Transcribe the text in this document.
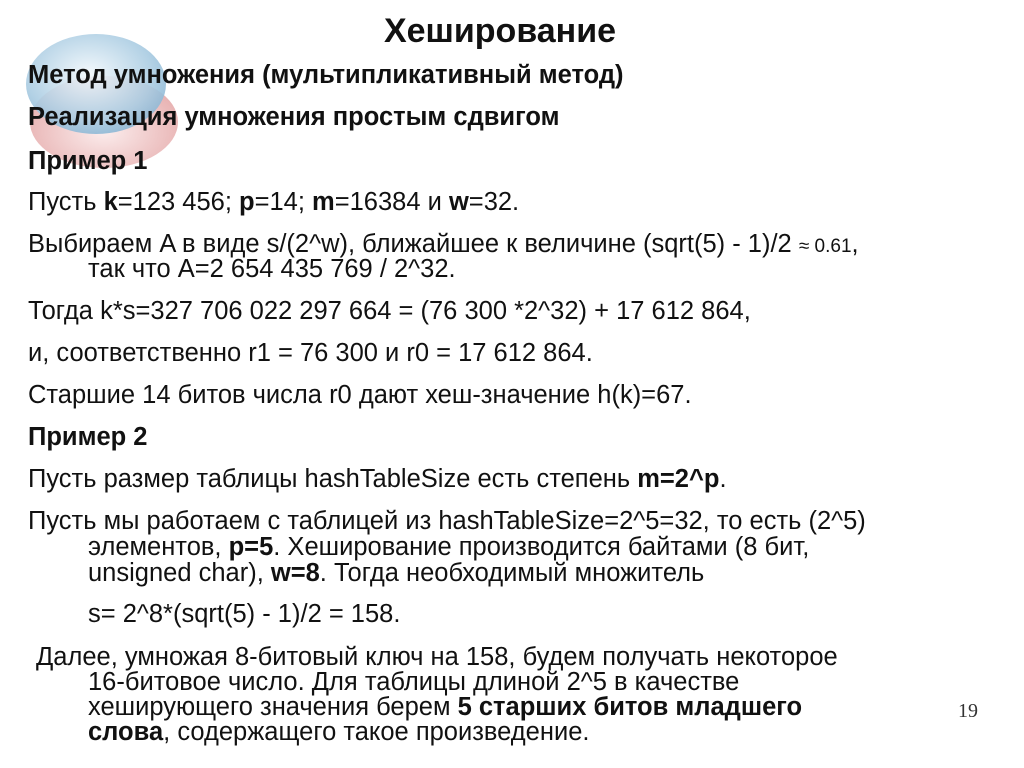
Хеширование
Метод умножения (мультипликативный метод)
Реализация умножения простым сдвигом
Пример 1
Пусть k=123 456; p=14; m=16384 и w=32.
Выбираем A в виде s/(2^w), ближайшее к величине (sqrt(5) - 1)/2 ≈ 0.61,
так что A=2 654 435 769 / 2^32.
Тогда k*s=327 706 022 297 664 = (76 300 *2^32) + 17 612 864,
и, соответственно r1 = 76 300 и r0 = 17 612 864.
Старшие 14 битов числа r0 дают хеш-значение h(k)=67.
Пример 2
Пусть размер таблицы hashTableSize есть степень m=2^p.
Пусть мы работаем с таблицей из hashTableSize=2^5=32, то есть (2^5)
элементов, p=5. Хеширование производится байтами (8 бит,
unsigned char), w=8. Тогда необходимый множитель
s= 2^8*(sqrt(5) - 1)/2 = 158.
Далее, умножая 8-битовый ключ на 158, будем получать некоторое
16-битовое число. Для таблицы длиной 2^5 в качестве
хеширующего значения берем 5 старших битов младшего
слова, содержащего такое произведение.
19
